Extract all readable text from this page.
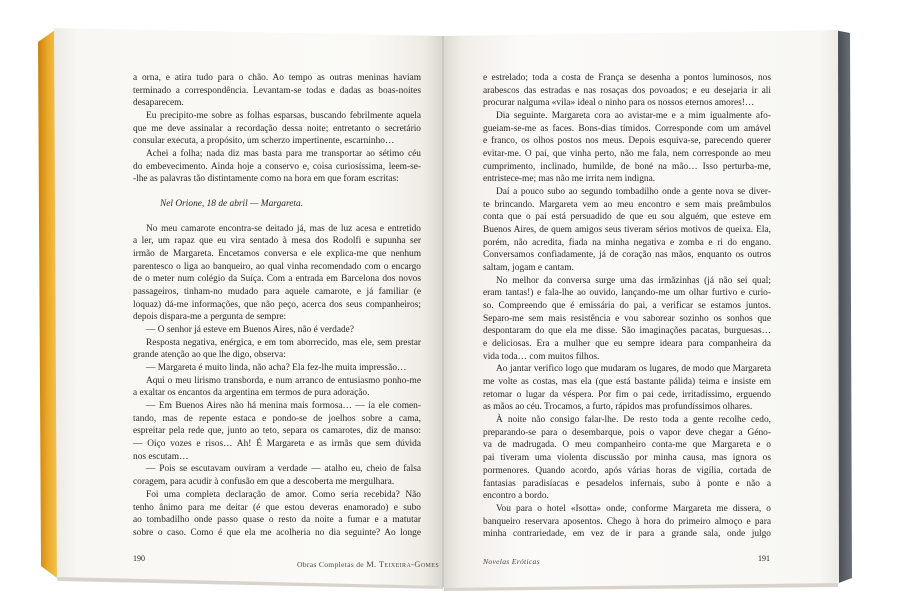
a orna, e atira tudo para o chão. Ao tempo as outras meninas haviam
terminado a correspondência. Levantam-se todas e dadas as boas-noites
desaparecem.
Eu precipito-me sobre as folhas esparsas, buscando febrilmente aquela
que me deve assinalar a recordação dessa noite; entretanto o secretário
consular executa, a propósito, um scherzo impertinente, escarninho…
Achei a folha; nada diz mas basta para me transportar ao sétimo céu
do embevecimento. Ainda hoje a conservo e, coisa curiosíssima, leem-se-
-lhe as palavras tão distintamente como na hora em que foram escritas:
Nel Orione, 18 de abril — Margareta.
No meu camarote encontra-se deitado já, mas de luz acesa e entretido
a ler, um rapaz que eu vira sentado à mesa dos Rodolfi e supunha ser
irmão de Margareta. Encetamos conversa e ele explica-me que nenhum
parentesco o liga ao banqueiro, ao qual vinha recomendado com o encargo
de o meter num colégio da Suíça. Com a entrada em Barcelona dos novos
passageiros, tinham-no mudado para aquele camarote, e já familiar (e
loquaz) dá-me informações, que não peço, acerca dos seus companheiros;
depois dispara-me a pergunta de sempre:
— O senhor já esteve em Buenos Aires, não é verdade?
Resposta negativa, enérgica, e em tom aborrecido, mas ele, sem prestar
grande atenção ao que lhe digo, observa:
— Margareta é muito linda, não acha? Ela fez-lhe muita impressão…
Aqui o meu lirismo transborda, e num arranco de entusiasmo ponho-me
a exaltar os encantos da argentina em termos de pura adoração.
— Em Buenos Aires não há menina mais formosa… — ia ele comen-
tando, mas de repente estaca e pondo-se de joelhos sobre a cama,
espreitar pela rede que, junto ao teto, separa os camarotes, diz de manso:
— Oiço vozes e risos… Ah! É Margareta e as irmãs que sem dúvida
nos escutam…
— Pois se escutavam ouviram a verdade — atalho eu, cheio de falsa
coragem, para acudir à confusão em que a descoberta me mergulhara.
Foi uma completa declaração de amor. Como seria recebida? Não
tenho ânimo para me deitar (é que estou deveras enamorado) e subo
ao tombadilho onde passo quase o resto da noite a fumar e a matutar
sobre o caso. Como é que ela me acolheria no dia seguinte? Ao longe
e estrelado; toda a costa de França se desenha a pontos luminosos, nos
arabescos das estradas e nas rosaças dos povoados; e eu desejaria ir ali
procurar nalguma «vila» ideal o ninho para os nossos eternos amores!…
Dia seguinte. Margareta cora ao avistar-me e a mim igualmente afo-
gueiam-se-me as faces. Bons-dias tímidos. Corresponde com um amável
e franco, os olhos postos nos meus. Depois esquiva-se, parecendo querer
evitar-me. O pai, que vinha perto, não me fala, nem corresponde ao meu
cumprimento, inclinado, humilde, de boné na mão… Isso perturba-me,
entristece-me; mas não me irrita nem indigna.
Daí a pouco subo ao segundo tombadilho onde a gente nova se diver-
te brincando. Margareta vem ao meu encontro e sem mais preâmbulos
conta que o pai está persuadido de que eu sou alguém, que esteve em
Buenos Aires, de quem amigos seus tiveram sérios motivos de queixa. Ela,
porém, não acredita, fiada na minha negativa e zomba e ri do engano.
Conversamos confiadamente, já de coração nas mãos, enquanto os outros
saltam, jogam e cantam.
No melhor da conversa surge uma das irmãzinhas (já não sei qual;
eram tantas!) e fala-lhe ao ouvido, lançando-me um olhar furtivo e curio-
so. Compreendo que é emissária do pai, a verificar se estamos juntos.
Separo-me sem mais resistência e vou saborear sozinho os sonhos que
despontaram do que ela me disse. São imaginações pacatas, burguesas…
e deliciosas. Era a mulher que eu sempre ideara para companheira da
vida toda… com muitos filhos.
Ao jantar verifico logo que mudaram os lugares, de modo que Margareta
me volte as costas, mas ela (que está bastante pálida) teima e insiste em
retomar o lugar da véspera. Por fim o pai cede, irritadíssimo, erguendo
as mãos ao céu. Trocamos, a furto, rápidos mas profundíssimos olhares.
À noite não consigo falar-lhe. De resto toda a gente recolhe cedo,
preparando-se para o desembarque, pois o vapor deve chegar a Géno-
va de madrugada. O meu companheiro conta-me que Margareta e o
pai tiveram uma violenta discussão por minha causa, mas ignora os
pormenores. Quando acordo, após várias horas de vigília, cortada de
fantasias paradisíacas e pesadelos infernais, subo à ponte e não a
encontro a bordo.
Vou para o hotel «Isotta» onde, conforme Margareta me dissera, o
banqueiro reservara aposentos. Chego à hora do primeiro almoço e para
minha contrariedade, em vez de ir para a grande sala, onde julgo
190
Obras Completas de M. Teixeira-Gomes	Novelas Eróticas	191
